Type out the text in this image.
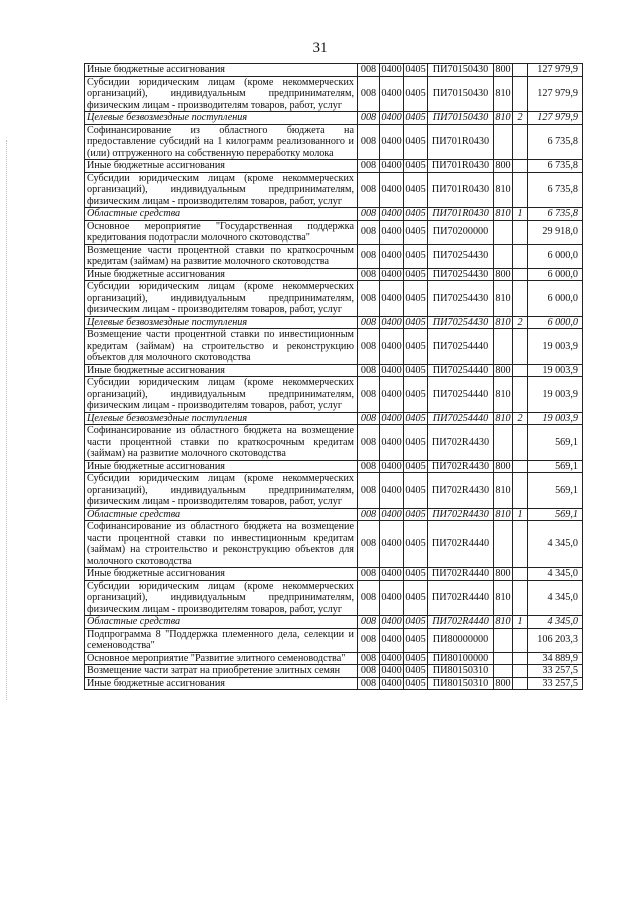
31
Иные бюджетные ассигнования	008	0400	0405	ПИ70150430	800		127 979,9
Субсидии юридическим лицам (кроме некоммерческих организаций), индивидуальным предпринимателям, физическим лицам - производителям товаров, работ, услуг	008	0400	0405	ПИ70150430	810		127 979,9
Целевые безвозмездные поступления	008	0400	0405	ПИ70150430	810	2	127 979,9
Софинансирование из областного бюджета на предоставление субсидий на 1 килограмм реализованного и (или) отгруженного на собственную переработку молока	008	0400	0405	ПИ701R0430			6 735,8
Иные бюджетные ассигнования	008	0400	0405	ПИ701R0430	800		6 735,8
Субсидии юридическим лицам (кроме некоммерческих организаций), индивидуальным предпринимателям, физическим лицам - производителям товаров, работ, услуг	008	0400	0405	ПИ701R0430	810		6 735,8
Областные средства	008	0400	0405	ПИ701R0430	810	1	6 735,8
Основное мероприятие "Государственная поддержка кредитования подотрасли молочного скотоводства"	008	0400	0405	ПИ70200000			29 918,0
Возмещение части процентной ставки по краткосрочным кредитам (займам) на развитие молочного скотоводства	008	0400	0405	ПИ70254430			6 000,0
Иные бюджетные ассигнования	008	0400	0405	ПИ70254430	800		6 000,0
Субсидии юридическим лицам (кроме некоммерческих организаций), индивидуальным предпринимателям, физическим лицам - производителям товаров, работ, услуг	008	0400	0405	ПИ70254430	810		6 000,0
Целевые безвозмездные поступления	008	0400	0405	ПИ70254430	810	2	6 000,0
Возмещение части процентной ставки по инвестиционным кредитам (займам) на строительство и реконструкцию объектов для молочного скотоводства	008	0400	0405	ПИ70254440			19 003,9
Иные бюджетные ассигнования	008	0400	0405	ПИ70254440	800		19 003,9
Субсидии юридическим лицам (кроме некоммерческих организаций), индивидуальным предпринимателям, физическим лицам - производителям товаров, работ, услуг	008	0400	0405	ПИ70254440	810		19 003,9
Целевые безвозмездные поступления	008	0400	0405	ПИ70254440	810	2	19 003,9
Софинансирование из областного бюджета на возмещение части процентной ставки по краткосрочным кредитам (займам) на развитие молочного скотоводства	008	0400	0405	ПИ702R4430			569,1
Иные бюджетные ассигнования	008	0400	0405	ПИ702R4430	800		569,1
Субсидии юридическим лицам (кроме некоммерческих организаций), индивидуальным предпринимателям, физическим лицам - производителям товаров, работ, услуг	008	0400	0405	ПИ702R4430	810		569,1
Областные средства	008	0400	0405	ПИ702R4430	810	1	569,1
Софинансирование из областного бюджета на возмещение части процентной ставки по инвестиционным кредитам (займам) на строительство и реконструкцию объектов для молочного скотоводства	008	0400	0405	ПИ702R4440			4 345,0
Иные бюджетные ассигнования	008	0400	0405	ПИ702R4440	800		4 345,0
Субсидии юридическим лицам (кроме некоммерческих организаций), индивидуальным предпринимателям, физическим лицам - производителям товаров, работ, услуг	008	0400	0405	ПИ702R4440	810		4 345,0
Областные средства	008	0400	0405	ПИ702R4440	810	1	4 345,0
Подпрограмма 8 "Поддержка племенного дела, селекции и семеноводства"	008	0400	0405	ПИ80000000			106 203,3
Основное мероприятие "Развитие элитного семеноводства"	008	0400	0405	ПИ80100000			34 889,9
Возмещение части затрат на приобретение элитных семян	008	0400	0405	ПИ80150310			33 257,5
Иные бюджетные ассигнования	008	0400	0405	ПИ80150310	800		33 257,5
